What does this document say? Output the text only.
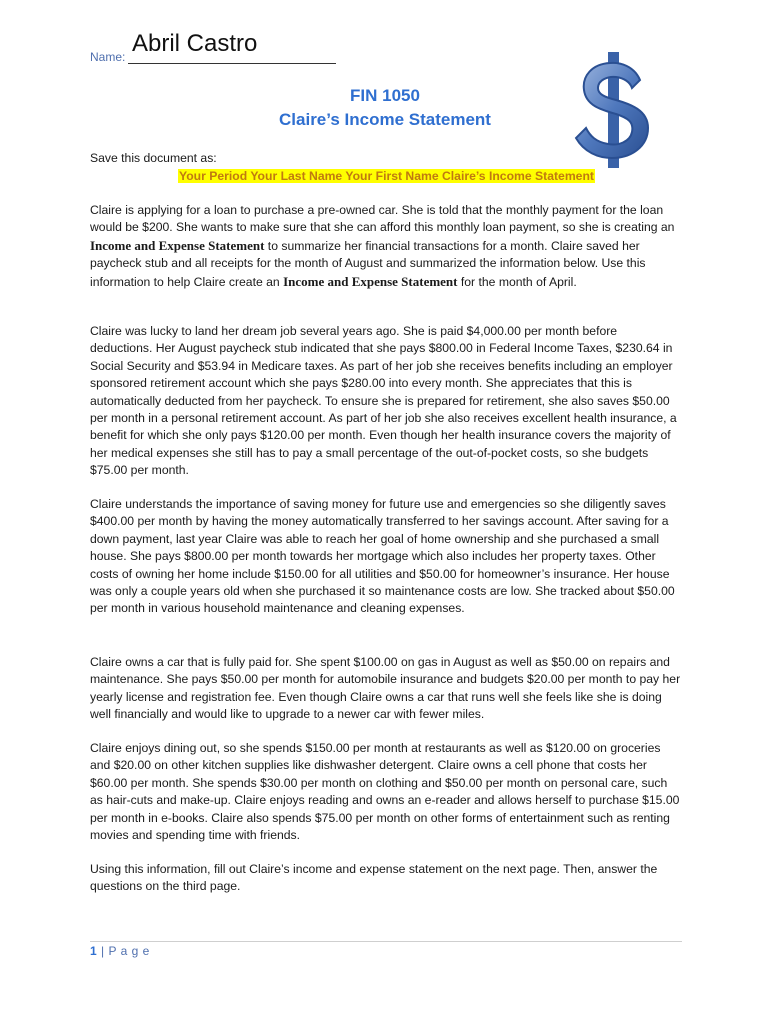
Name: Abril Castro
FIN 1050
Claire’s Income Statement
Save this document as:
Your Period Your Last Name Your First Name Claire’s Income Statement
Claire is applying for a loan to purchase a pre-owned car. She is told that the monthly payment for the loan would be $200. She wants to make sure that she can afford this monthly loan payment, so she is creating an Income and Expense Statement to summarize her financial transactions for a month. Claire saved her paycheck stub and all receipts for the month of August and summarized the information below. Use this information to help Claire create an Income and Expense Statement for the month of April.
Claire was lucky to land her dream job several years ago. She is paid $4,000.00 per month before deductions. Her August paycheck stub indicated that she pays $800.00 in Federal Income Taxes, $230.64 in Social Security and $53.94 in Medicare taxes. As part of her job she receives benefits including an employer sponsored retirement account which she pays $280.00 into every month. She appreciates that this is automatically deducted from her paycheck. To ensure she is prepared for retirement, she also saves $50.00 per month in a personal retirement account. As part of her job she also receives excellent health insurance, a benefit for which she only pays $120.00 per month. Even though her health insurance covers the majority of her medical expenses she still has to pay a small percentage of the out-of-pocket costs, so she budgets $75.00 per month.
Claire understands the importance of saving money for future use and emergencies so she diligently saves $400.00 per month by having the money automatically transferred to her savings account. After saving for a down payment, last year Claire was able to reach her goal of home ownership and she purchased a small house. She pays $800.00 per month towards her mortgage which also includes her property taxes. Other costs of owning her home include $150.00 for all utilities and $50.00 for homeowner’s insurance. Her house was only a couple years old when she purchased it so maintenance costs are low. She tracked about $50.00 per month in various household maintenance and cleaning expenses.
Claire owns a car that is fully paid for. She spent $100.00 on gas in August as well as $50.00 on repairs and maintenance. She pays $50.00 per month for automobile insurance and budgets $20.00 per month to pay her yearly license and registration fee. Even though Claire owns a car that runs well she feels like she is doing well financially and would like to upgrade to a newer car with fewer miles.
Claire enjoys dining out, so she spends $150.00 per month at restaurants as well as $120.00 on groceries and $20.00 on other kitchen supplies like dishwasher detergent. Claire owns a cell phone that costs her $60.00 per month. She spends $30.00 per month on clothing and $50.00 per month on personal care, such as hair-cuts and make-up. Claire enjoys reading and owns an e-reader and allows herself to purchase $15.00 per month in e-books. Claire also spends $75.00 per month on other forms of entertainment such as renting movies and spending time with friends.
Using this information, fill out Claire’s income and expense statement on the next page. Then, answer the questions on the third page.
1 | P a g e
